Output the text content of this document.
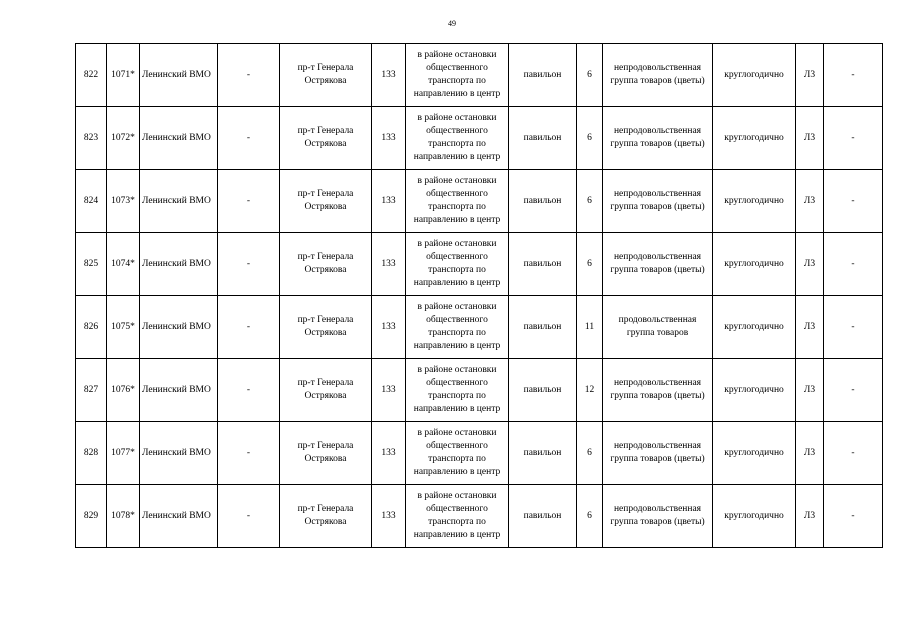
49
822	1071*	Ленинский ВМО	-	пр-т Генерала Острякова	133	в районе остановки общественного транспорта по направлению в центр	павильон	6	непродовольственная группа товаров (цветы)	круглогодично	Л3	-
823	1072*	Ленинский ВМО	-	пр-т Генерала Острякова	133	в районе остановки общественного транспорта по направлению в центр	павильон	6	непродовольственная группа товаров (цветы)	круглогодично	Л3	-
824	1073*	Ленинский ВМО	-	пр-т Генерала Острякова	133	в районе остановки общественного транспорта по направлению в центр	павильон	6	непродовольственная группа товаров (цветы)	круглогодично	Л3	-
825	1074*	Ленинский ВМО	-	пр-т Генерала Острякова	133	в районе остановки общественного транспорта по направлению в центр	павильон	6	непродовольственная группа товаров (цветы)	круглогодично	Л3	-
826	1075*	Ленинский ВМО	-	пр-т Генерала Острякова	133	в районе остановки общественного транспорта по направлению в центр	павильон	11	продовольственная группа товаров	круглогодично	Л3	-
827	1076*	Ленинский ВМО	-	пр-т Генерала Острякова	133	в районе остановки общественного транспорта по направлению в центр	павильон	12	непродовольственная группа товаров (цветы)	круглогодично	Л3	-
828	1077*	Ленинский ВМО	-	пр-т Генерала Острякова	133	в районе остановки общественного транспорта по направлению в центр	павильон	6	непродовольственная группа товаров (цветы)	круглогодично	Л3	-
829	1078*	Ленинский ВМО	-	пр-т Генерала Острякова	133	в районе остановки общественного транспорта по направлению в центр	павильон	6	непродовольственная группа товаров (цветы)	круглогодично	Л3	-
